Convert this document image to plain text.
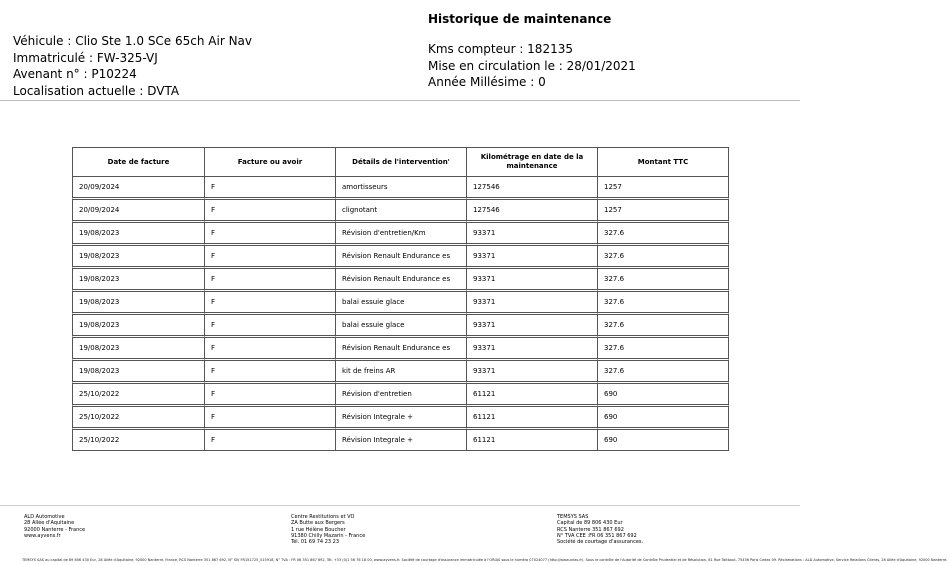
Véhicule : Clio Ste 1.0 SCe 65ch Air Nav
Immatriculé : FW-325-VJ
Avenant n° : P10224
Localisation actuelle : DVTA
Historique de maintenance
Kms compteur : 182135
Mise en circulation le : 28/01/2021
Année Millésime : 0
Date de facture	Facture ou avoir	Détails de l'intervention'	Kilométrage en date de la maintenance	Montant TTC
20/09/2024	F	amortisseurs	127546	1257
20/09/2024	F	clignotant	127546	1257
19/08/2023	F	Révision d'entretien/Km	93371	327.6
19/08/2023	F	Révision Renault Endurance es	93371	327.6
19/08/2023	F	Révision Renault Endurance es	93371	327.6
19/08/2023	F	balai essuie glace	93371	327.6
19/08/2023	F	balai essuie glace	93371	327.6
19/08/2023	F	Révision Renault Endurance es	93371	327.6
19/08/2023	F	kit de freins AR	93371	327.6
25/10/2022	F	Révision d'entretien	61121	690
25/10/2022	F	Révision Integrale +	61121	690
25/10/2022	F	Révision Integrale +	61121	690
ALD Automotive
28 Allée d'Aquitaine
92000 Nanterre - France
www.ayvens.fr
Centre Restitutions et VO
ZA Butte aux Bergers
1 rue Hélène Boucher
91380 Chilly Mazarin - France
Tél. 01 69 74 23 23
TEMSYS SAS
Capital de 89 806 430 Eur
RCS Nanterre 351 867 692
N° TVA CEE :FR 06 351 867 692
Société de courtage d'assurances.
TEMSYS SAS au capital de 89 806 430 Eur, 28 Allée d'Aquitaine, 92000 Nanterre, France, RCS Nanterre 351 867 692, N° SIV FR151725_015918, N° TVA : FR 06 351 867 692, Tél. +33 (0)1 56 76 18 00, www.ayvens.fr. Société de courtage d'assurance immatriculée à l'ORIAS sous le numéro 07024077 (http://www.orias.fr). Sous le contrôle de l'Autorité de Contrôle Prudentiel et de Résolution, 61 Rue Taitbout, 75436 Paris Cedex 09. Réclamations : ALD Automotive, Service Relations Clients, 28 Allée d'Aquitaine, 92000 Nanterre.
